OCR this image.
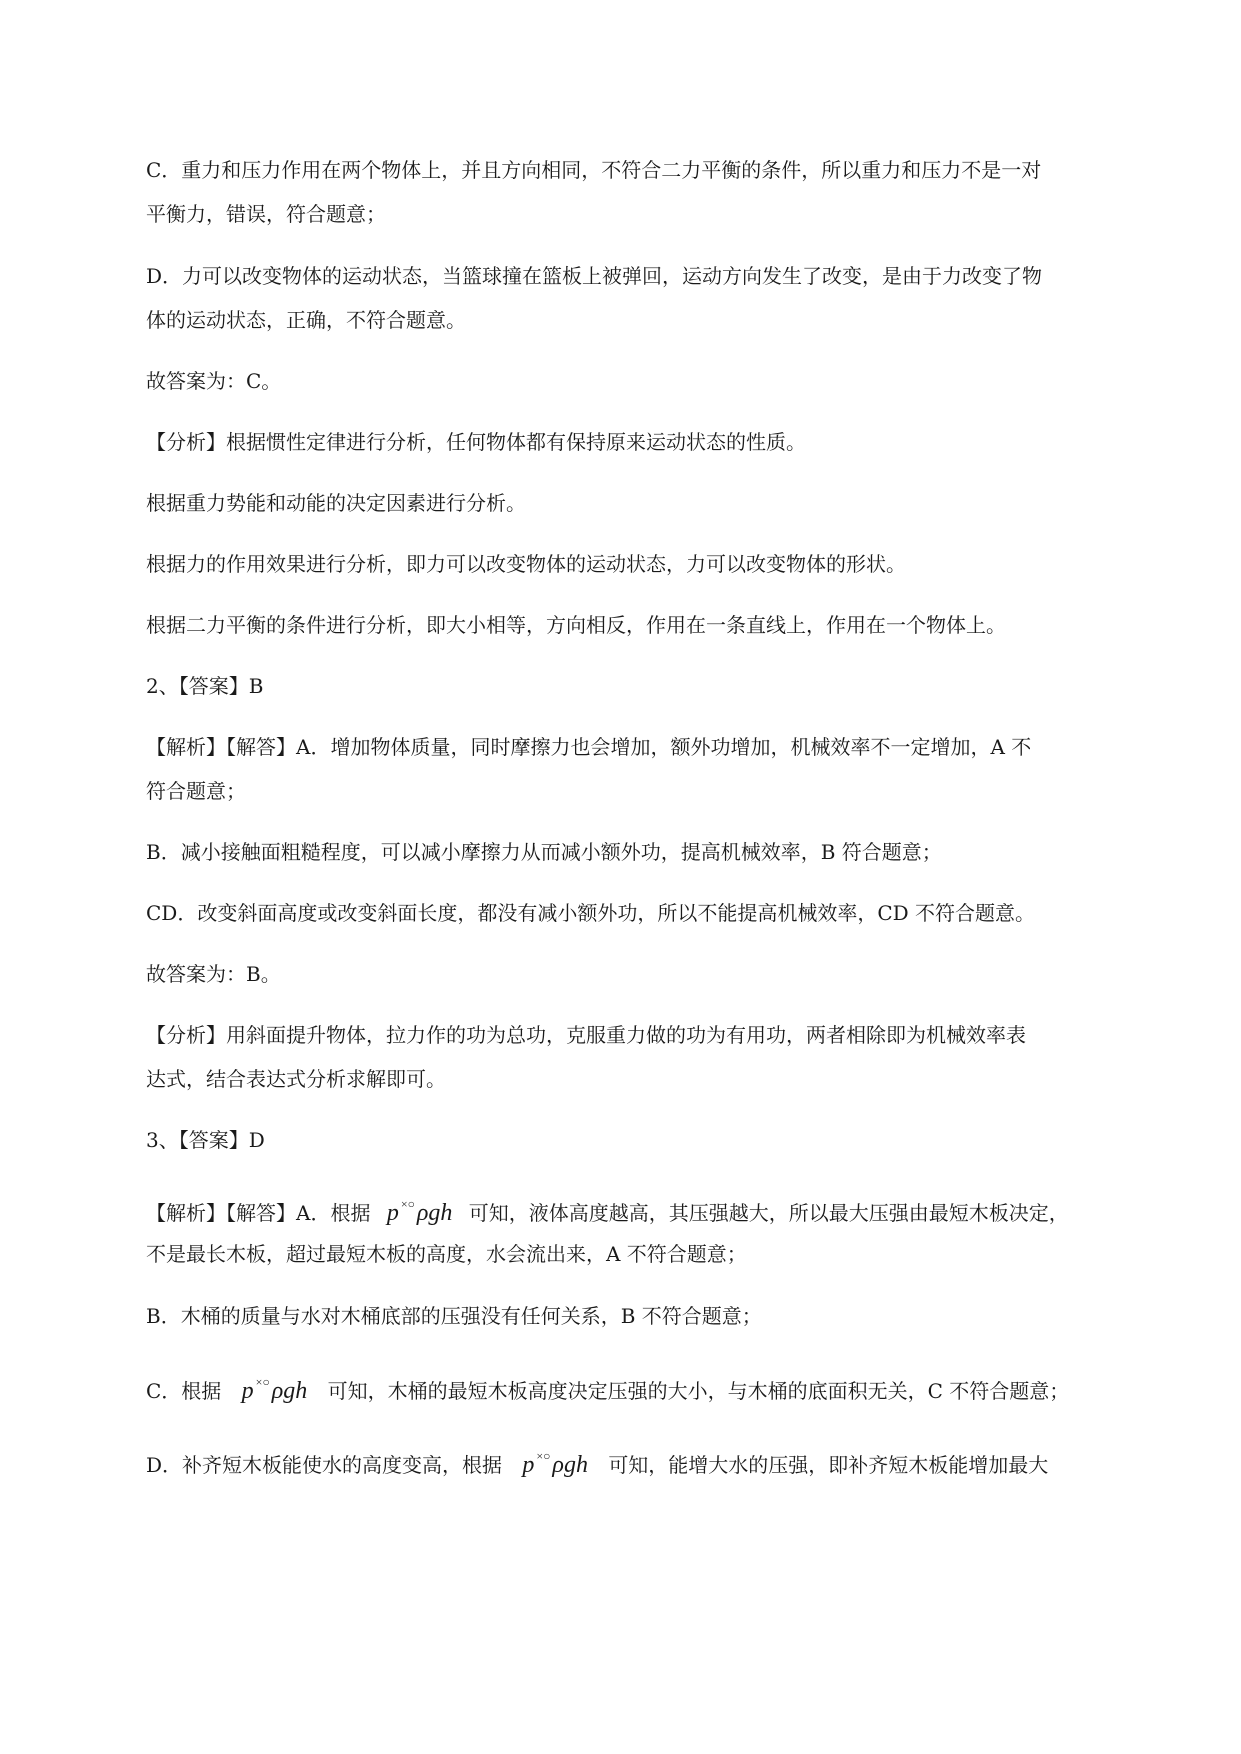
C．重力和压力作用在两个物体上，并且方向相同，不符合二力平衡的条件，所以重力和压力不是一对
平衡力，错误，符合题意；
D．力可以改变物体的运动状态，当篮球撞在篮板上被弹回，运动方向发生了改变，是由于力改变了物
体的运动状态，正确，不符合题意。
故答案为：C。
【分析】根据惯性定律进行分析，任何物体都有保持原来运动状态的性质。
根据重力势能和动能的决定因素进行分析。
根据力的作用效果进行分析，即力可以改变物体的运动状态，力可以改变物体的形状。
根据二力平衡的条件进行分析，即大小相等，方向相反，作用在一条直线上，作用在一个物体上。
2、【答案】B
【解析】【解答】A．增加物体质量，同时摩擦力也会增加，额外功增加，机械效率不一定增加，A 不
符合题意；
B．减小接触面粗糙程度，可以减小摩擦力从而减小额外功，提高机械效率，B 符合题意；
CD．改变斜面高度或改变斜面长度，都没有减小额外功，所以不能提高机械效率，CD 不符合题意。
故答案为：B。
【分析】用斜面提升物体，拉力作的功为总功，克服重力做的功为有用功，两者相除即为机械效率表
达式，结合表达式分析求解即可。
3、【答案】D
【解析】【解答】A．根据 p ×○ρgh 可知，液体高度越高，其压强越大，所以最大压强由最短木板决定，
不是最长木板，超过最短木板的高度，水会流出来，A 不符合题意；
B．木桶的质量与水对木桶底部的压强没有任何关系，B 不符合题意；
C．根据 p ×○ρgh 可知，木桶的最短木板高度决定压强的大小，与木桶的底面积无关，C 不符合题意；
D．补齐短木板能使水的高度变高，根据 p ×○ρgh 可知，能增大水的压强，即补齐短木板能增加最大
